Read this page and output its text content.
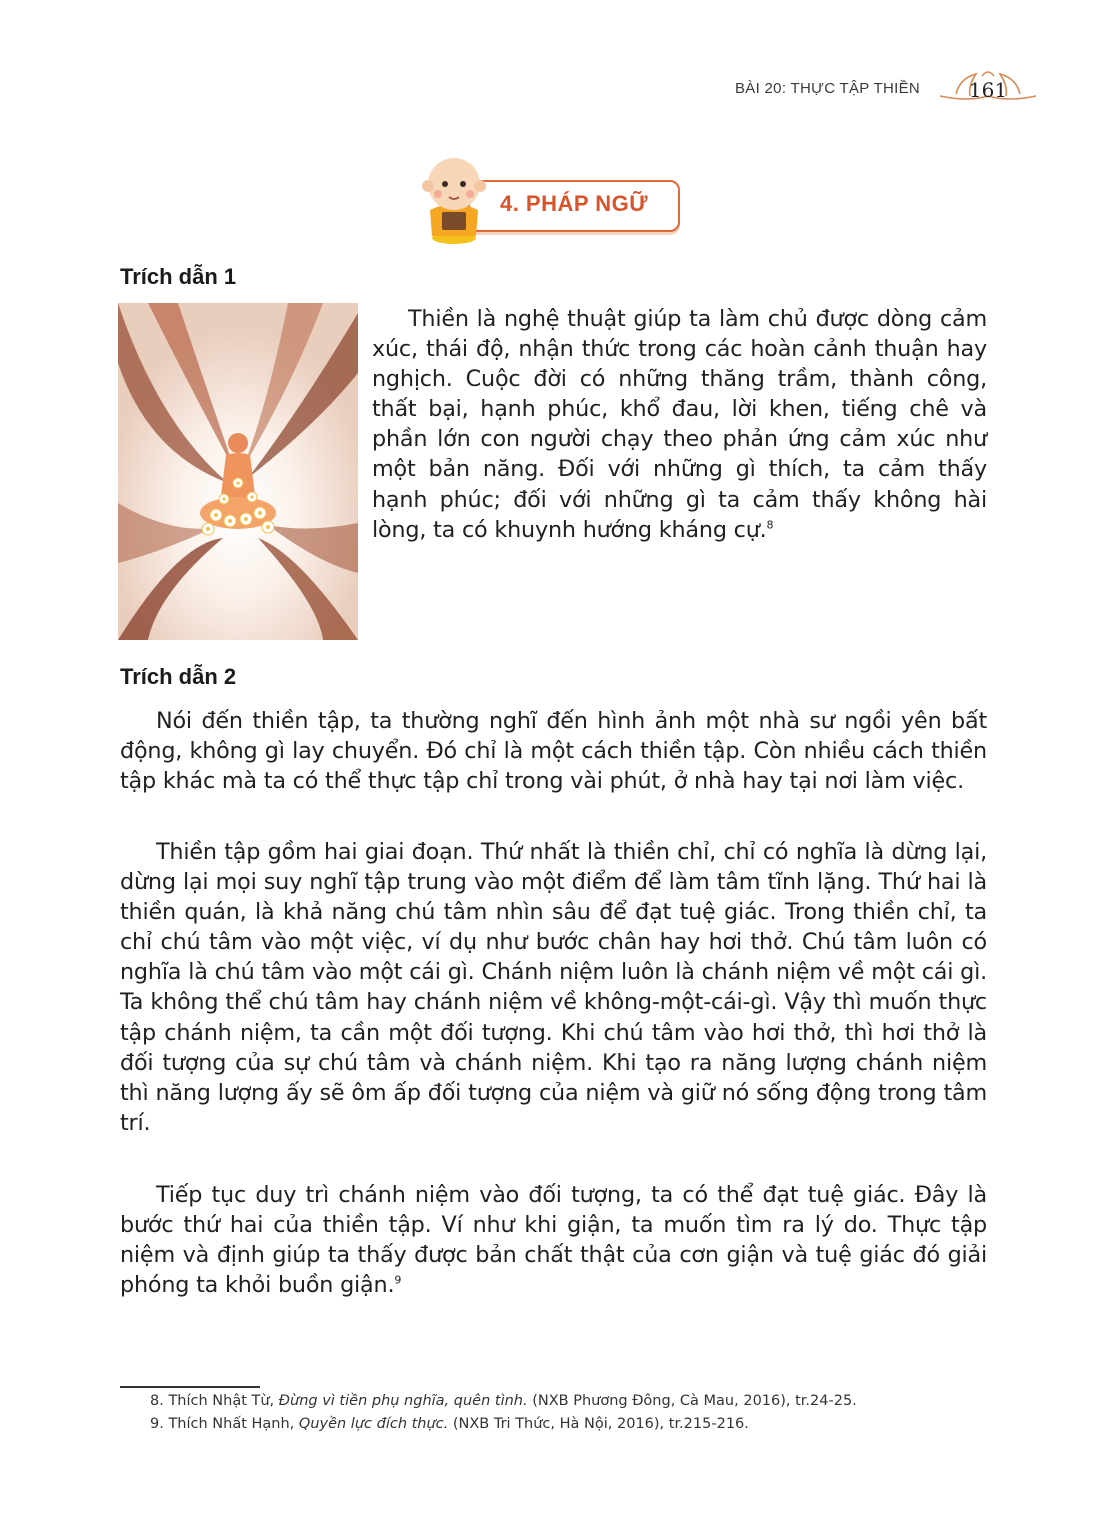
BÀI 20: THỰC TẬP THIỀN 161
4. PHÁP NGỮ
Trích dẫn 1

Thiền là nghệ thuật giúp ta làm chủ được dòng cảm xúc, thái độ, nhận thức trong các hoàn cảnh thuận hay nghịch. Cuộc đời có những thăng trầm, thành công, thất bại, hạnh phúc, khổ đau, lời khen, tiếng chê và phần lớn con người chạy theo phản ứng cảm xúc như một bản năng. Đối với những gì thích, ta cảm thấy hạnh phúc; đối với những gì ta cảm thấy không hài lòng, ta có khuynh hướng kháng cự.$^8$

Trích dẫn 2

Nói đến thiền tập, ta thường nghĩ đến hình ảnh một nhà sư ngồi yên bất động, không gì lay chuyển. Đó chỉ là một cách thiền tập. Còn nhiều cách thiền tập khác mà ta có thể thực tập chỉ trong vài phút, ở nhà hay tại nơi làm việc.

Thiền tập gồm hai giai đoạn. Thứ nhất là thiền chỉ, chỉ có nghĩa là dừng lại, dừng lại mọi suy nghĩ tập trung vào một điểm để làm tâm tĩnh lặng. Thứ hai là thiền quán, là khả năng chú tâm nhìn sâu để đạt tuệ giác. Trong thiền chỉ, ta chỉ chú tâm vào một việc, ví dụ như bước chân hay hơi thở. Chú tâm luôn có nghĩa là chú tâm vào một cái gì. Chánh niệm luôn là chánh niệm về một cái gì. Ta không thể chú tâm hay chánh niệm về không-một-cái-gì. Vậy thì muốn thực tập chánh niệm, ta cần một đối tượng. Khi chú tâm vào hơi thở, thì hơi thở là đối tượng của sự chú tâm và chánh niệm. Khi tạo ra năng lượng chánh niệm thì năng lượng ấy sẽ ôm ấp đối tượng của niệm và giữ nó sống động trong tâm trí.

Tiếp tục duy trì chánh niệm vào đối tượng, ta có thể đạt tuệ giác. Đây là bước thứ hai của thiền tập. Ví như khi giận, ta muốn tìm ra lý do. Thực tập niệm và định giúp ta thấy được bản chất thật của cơn giận và tuệ giác đó giải phóng ta khỏi buồn giận.$^9$

8. Thích Nhật Từ, Đừng vì tiền phụ nghĩa, quên tình. (NXB Phương Đông, Cà Mau, 2016), tr.24-25.
9. Thích Nhất Hạnh, Quyền lực đích thực. (NXB Tri Thức, Hà Nội, 2016), tr.215-216.
